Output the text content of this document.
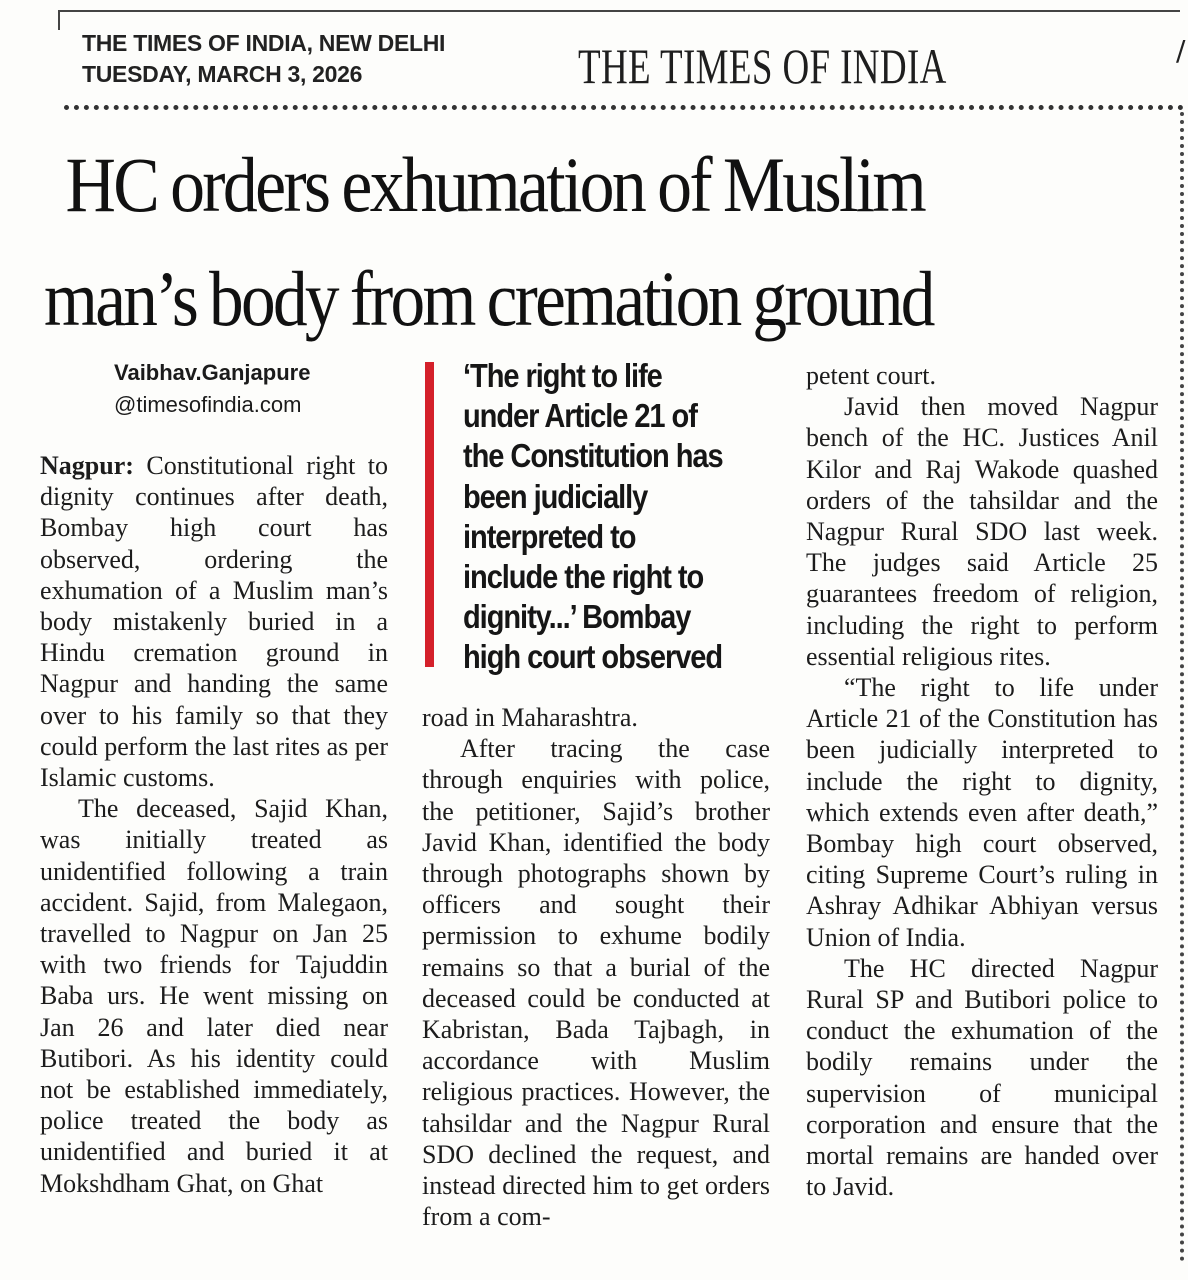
THE TIMES OF INDIA, NEW DELHI
TUESDAY, MARCH 3, 2026	THE TIMES OF INDIA	/
HC orders exhumation of Muslim
man’s body from cremation ground
Vaibhav.Ganjapure
@timesofindia.com

Nagpur: Constitutional right to dignity continues after death, Bombay high court has observed, ordering the exhumation of a Muslim man’s body mistakenly buried in a Hindu cremation ground in Nagpur and handing the same over to his family so that they could perform the last rites as per Islamic customs.

The deceased, Sajid Khan, was initially treated as unidentified following a train accident. Sajid, from Malegaon, travelled to Nagpur on Jan 25 with two friends for Tajuddin Baba urs. He went missing on Jan 26 and later died near Butibori. As his identity could not be established immediately, police treated the body as unidentified and buried it at Mokshdham Ghat, on Ghat

‘The right to life
under Article 21 of
the Constitution has
been judicially
interpreted to
include the right to
dignity...’ Bombay
high court observed

road in Maharashtra.

After tracing the case through enquiries with police, the petitioner, Sajid’s brother Javid Khan, identified the body through photographs shown by officers and sought their permission to exhume bodily remains so that a burial of the deceased could be conducted at Kabristan, Bada Tajbagh, in accordance with Muslim religious practices. However, the tahsildar and the Nagpur Rural SDO declined the request, and instead directed him to get orders from a com-

petent court.

Javid then moved Nagpur bench of the HC. Justices Anil Kilor and Raj Wakode quashed orders of the tahsildar and the Nagpur Rural SDO last week. The judges said Article 25 guarantees freedom of religion, including the right to perform essential religious rites.

“The right to life under Article 21 of the Constitution has been judicially interpreted to include the right to dignity, which extends even after death,” Bombay high court observed, citing Supreme Court’s ruling in Ashray Adhikar Abhiyan versus Union of India.

The HC directed Nagpur Rural SP and Butibori police to conduct the exhumation of the bodily remains under the supervision of municipal corporation and ensure that the mortal remains are handed over to Javid.
